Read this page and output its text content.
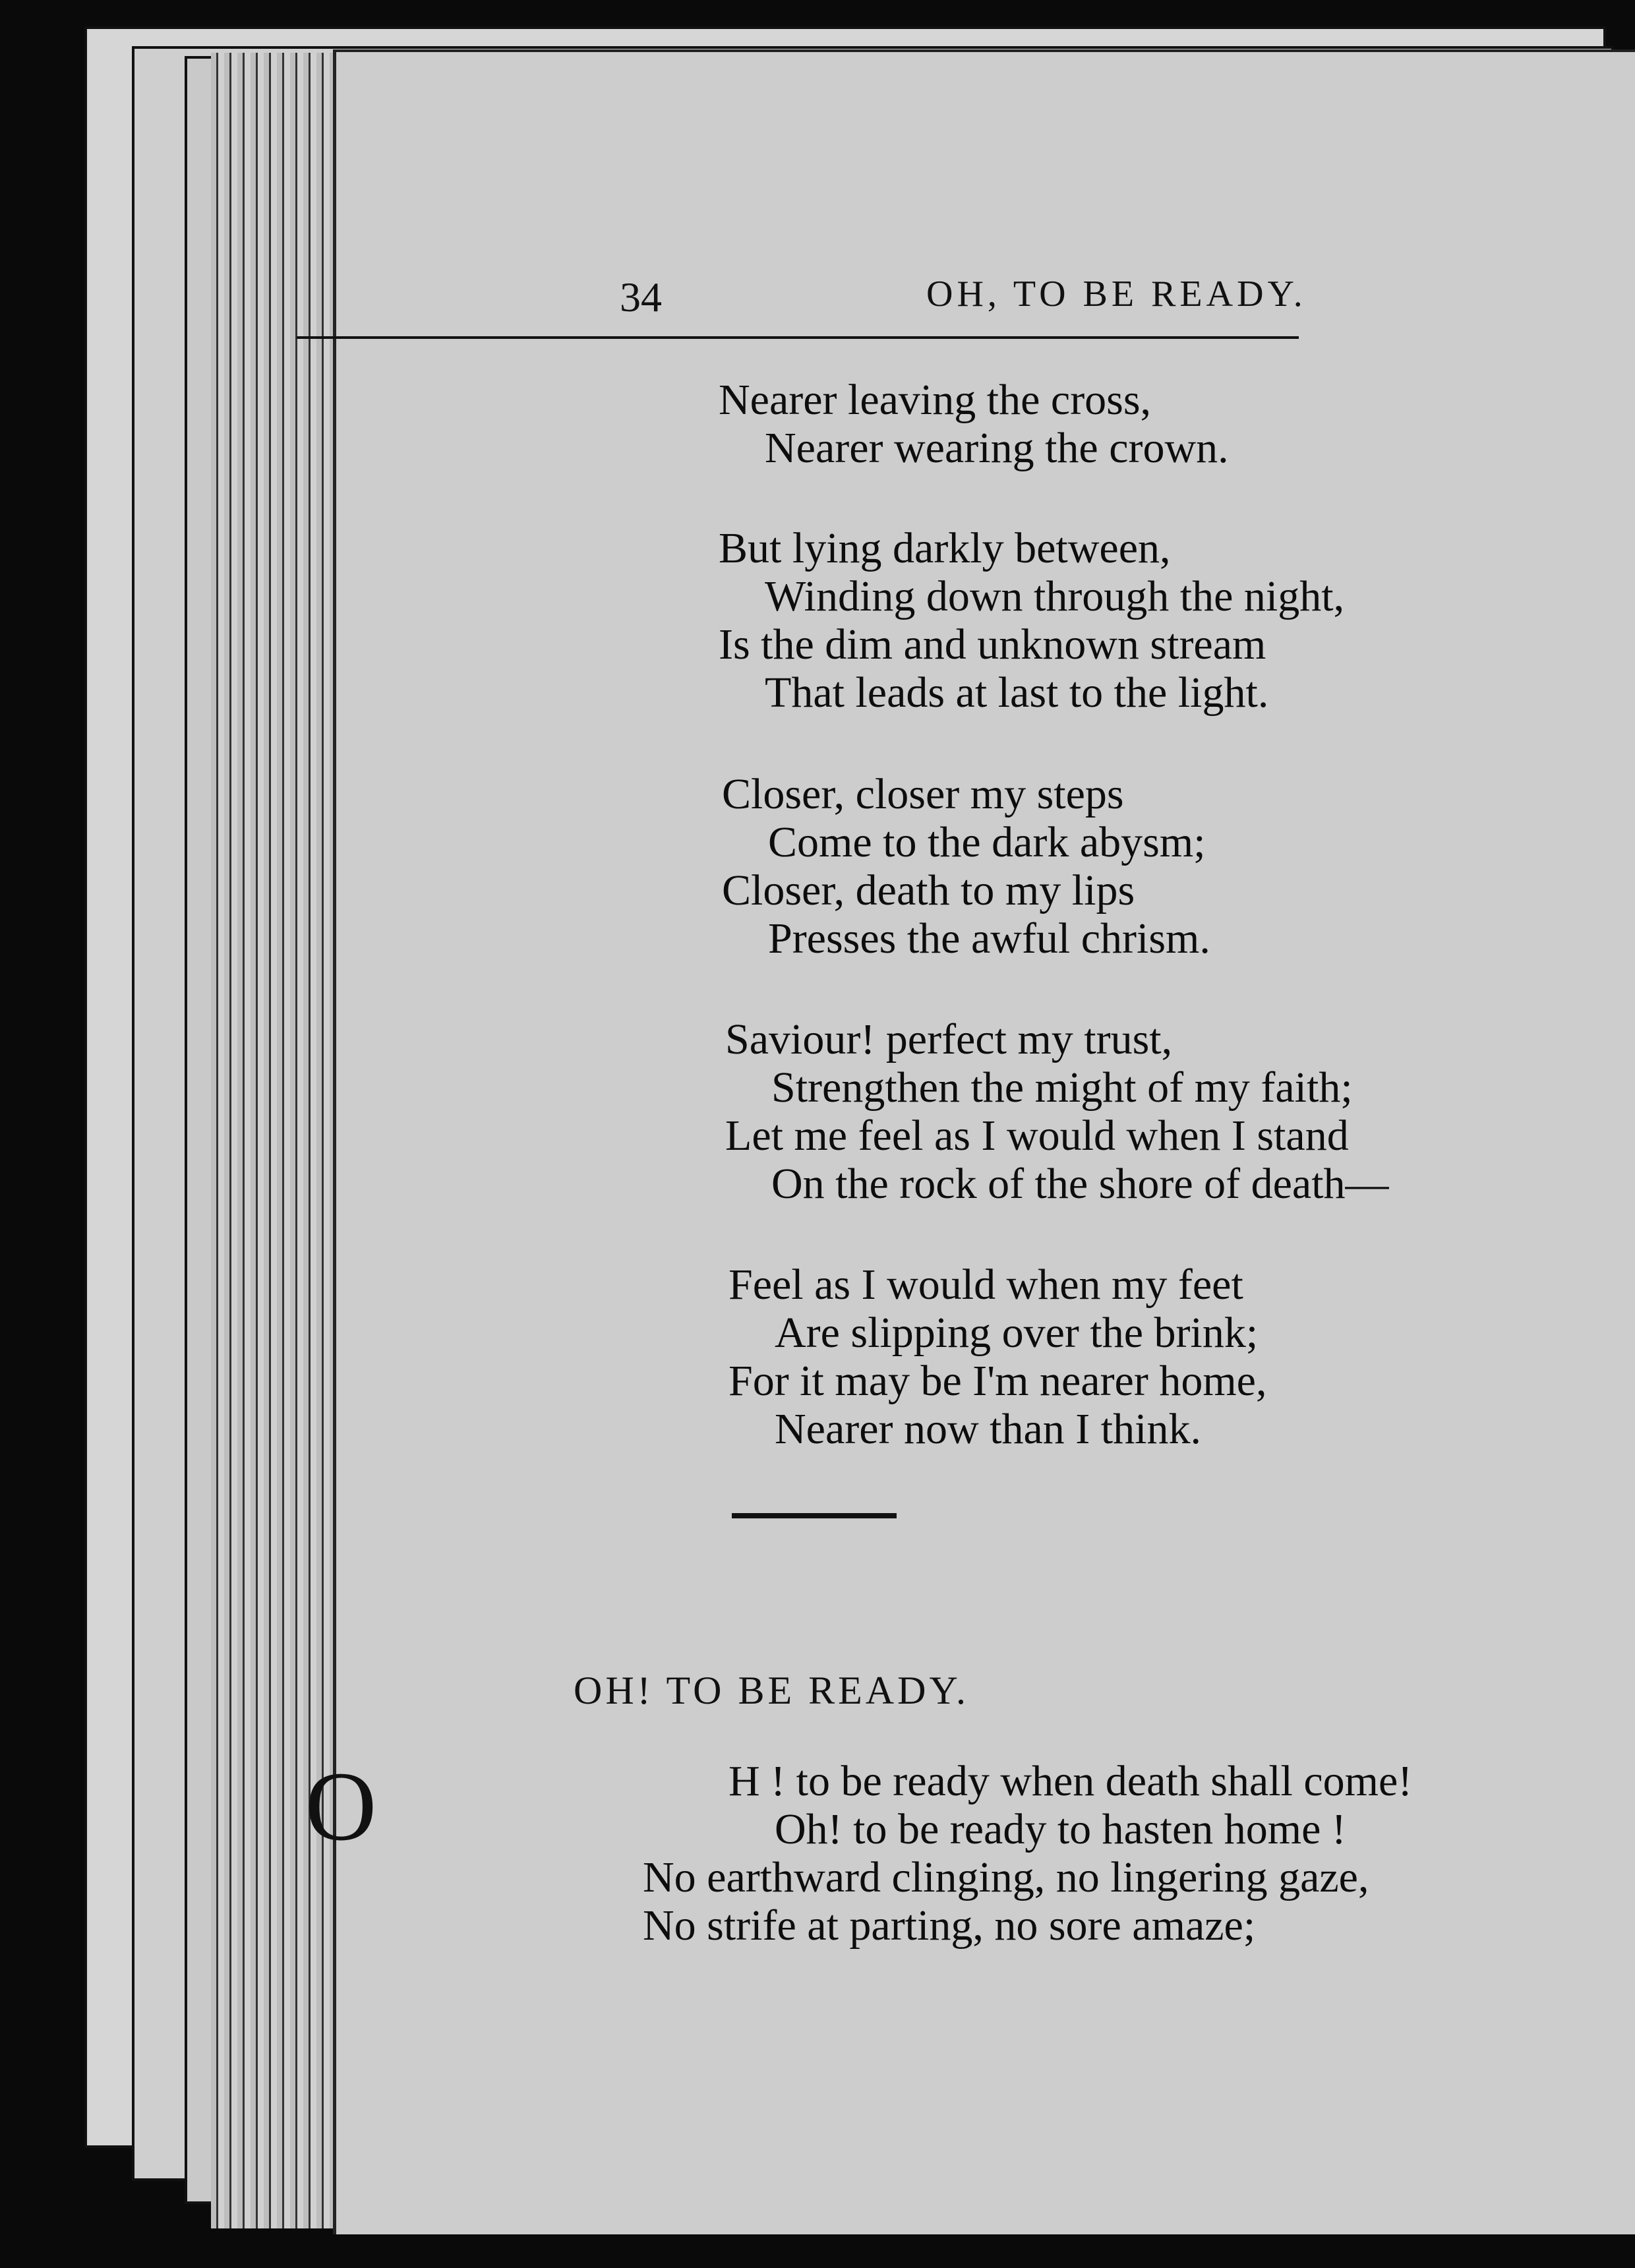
34	OH, TO BE READY.
Nearer leaving the cross,
Nearer wearing the crown.
But lying darkly between,
Winding down through the night,
Is the dim and unknown stream
That leads at last to the light.
Closer, closer my steps
Come to the dark abysm;
Closer, death to my lips
Presses the awful chrism.
Saviour! perfect my trust,
Strengthen the might of my faith;
Let me feel as I would when I stand
On the rock of the shore of death—
Feel as I would when my feet
Are slipping over the brink;
For it may be I'm nearer home,
Nearer now than I think.
OH! TO BE READY.
O	H ! to be ready when death shall come!
Oh! to be ready to hasten home !
No earthward clinging, no lingering gaze,
No strife at parting, no sore amaze;
